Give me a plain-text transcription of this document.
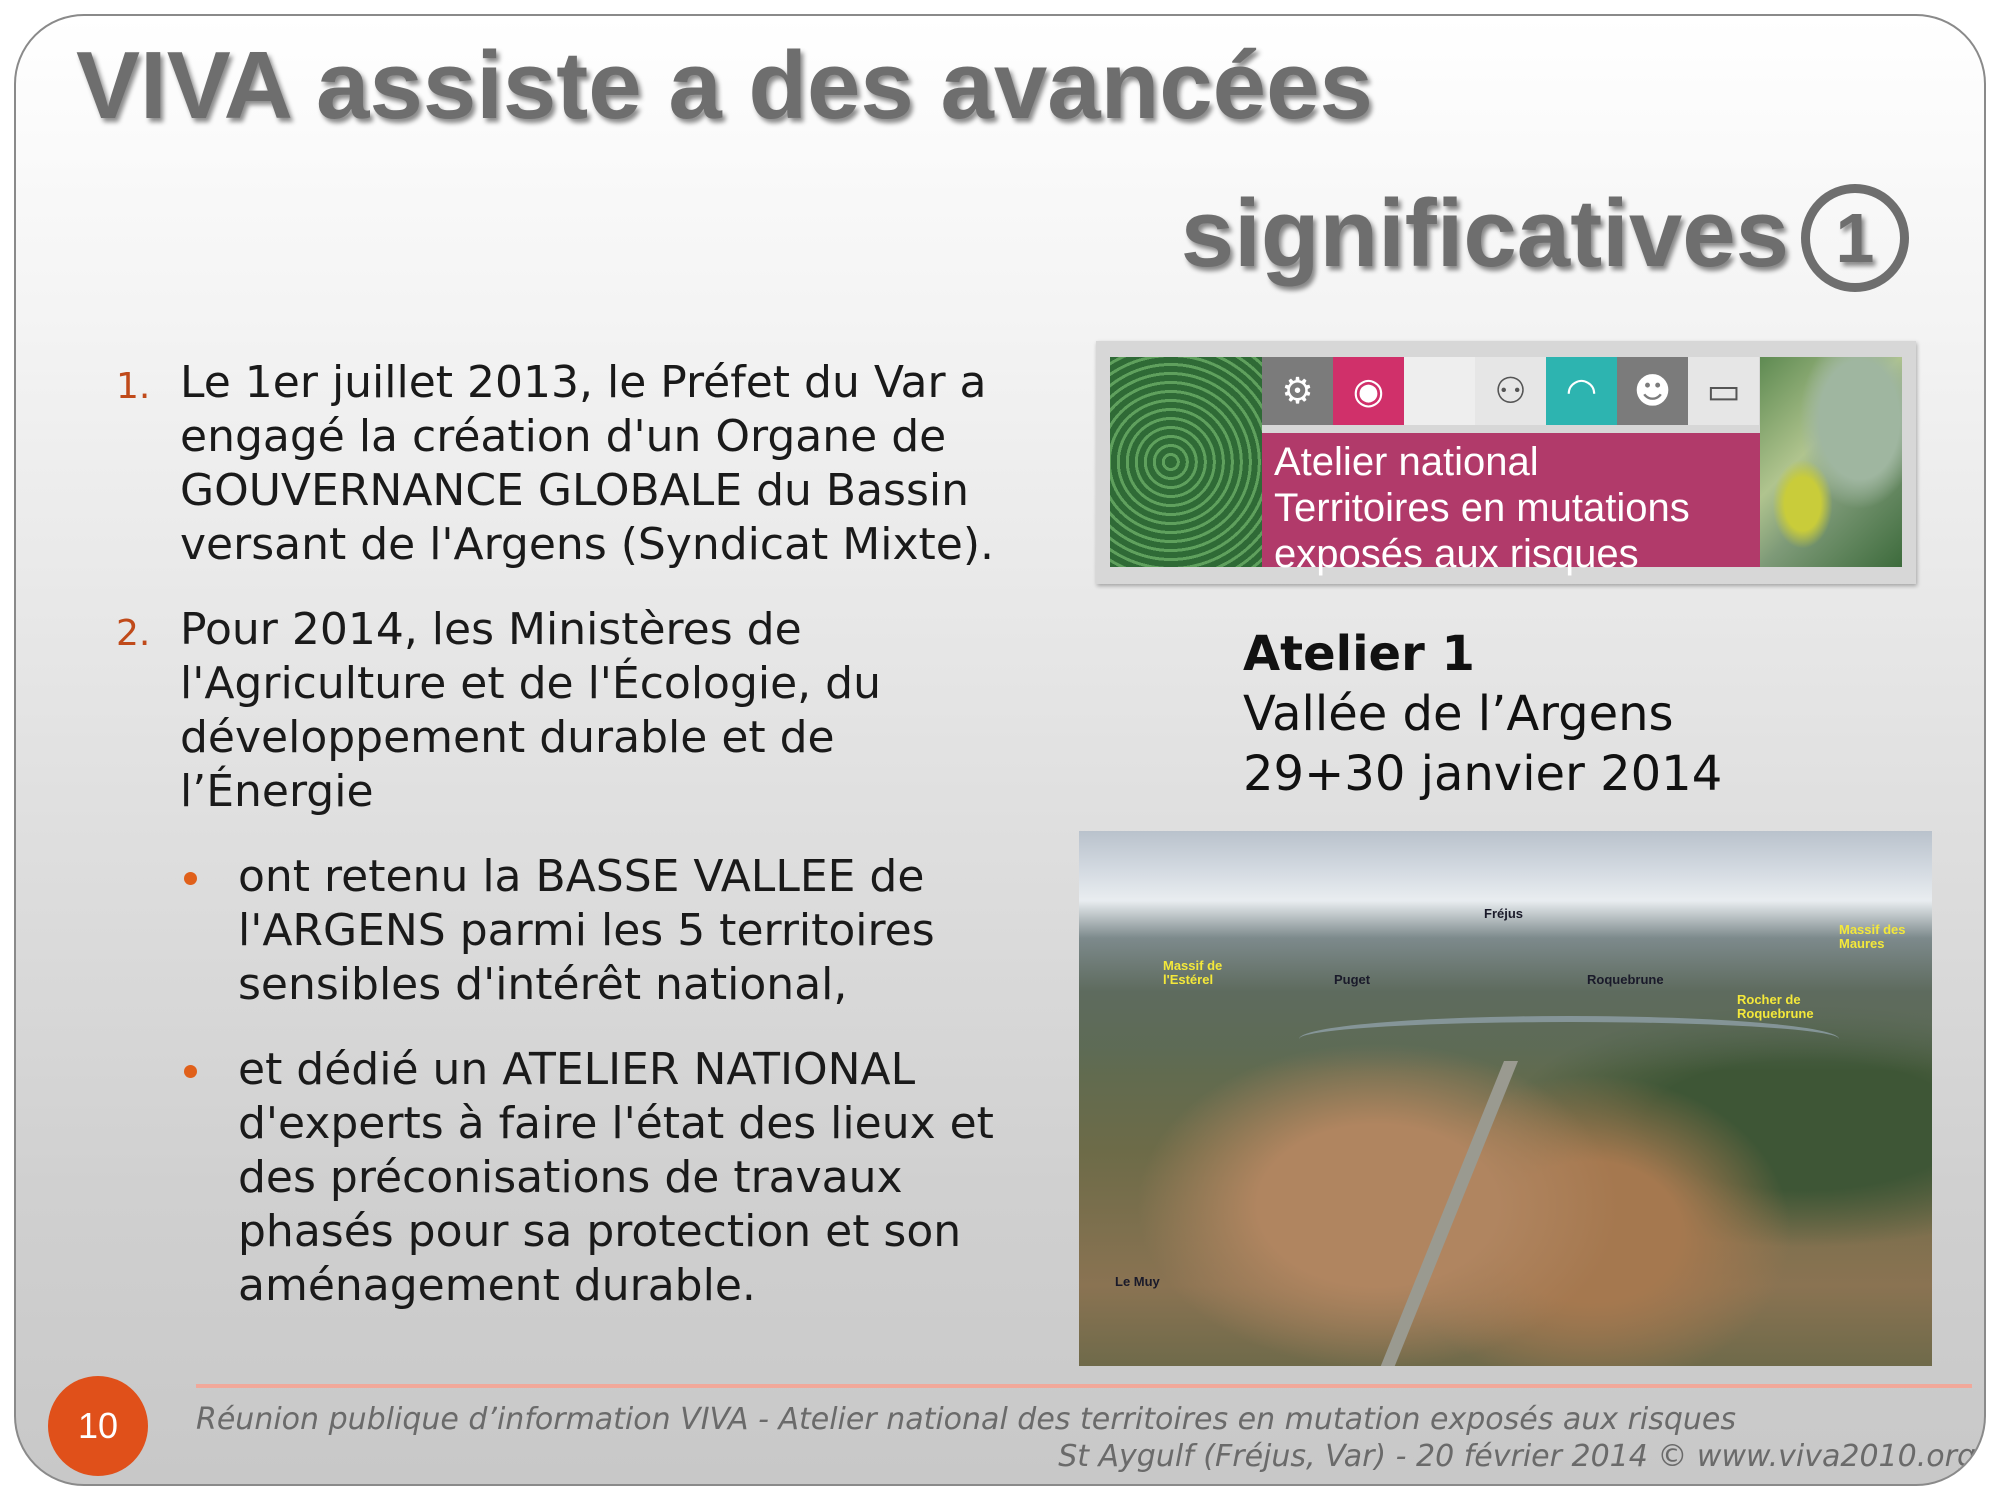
VIVA assiste a des avancées
significatives 1
1. Le 1er juillet 2013, le Préfet du Var a engagé la création d'un Organe de GOUVERNANCE GLOBALE du Bassin versant de l'Argens (Syndicat Mixte).
2. Pour 2014, les Ministères de l'Agriculture et de l'Écologie, du développement durable et de l’Énergie
ont retenu la BASSE VALLEE de l'ARGENS parmi les 5 territoires sensibles d'intérêt national,
et dédié un ATELIER NATIONAL d'experts à faire l'état des lieux et des préconisations de travaux phasés pour sa protection et son aménagement durable.
⚙	◉	⚇	◠	☻ ▭
Atelier national
Territoires en mutations
exposés aux risques
Atelier 1
Vallée de l’Argens
29+30 janvier 2014
Fréjus
Massif de l'Estérel	Puget	Roquebrune
Massif des Maures
Rocher de Roquebrune
Le Muy
10	Réunion publique d’information VIVA - Atelier national des territoires en mutation exposés aux risques
St Aygulf (Fréjus, Var) - 20 février 2014 © www.viva2010.org
